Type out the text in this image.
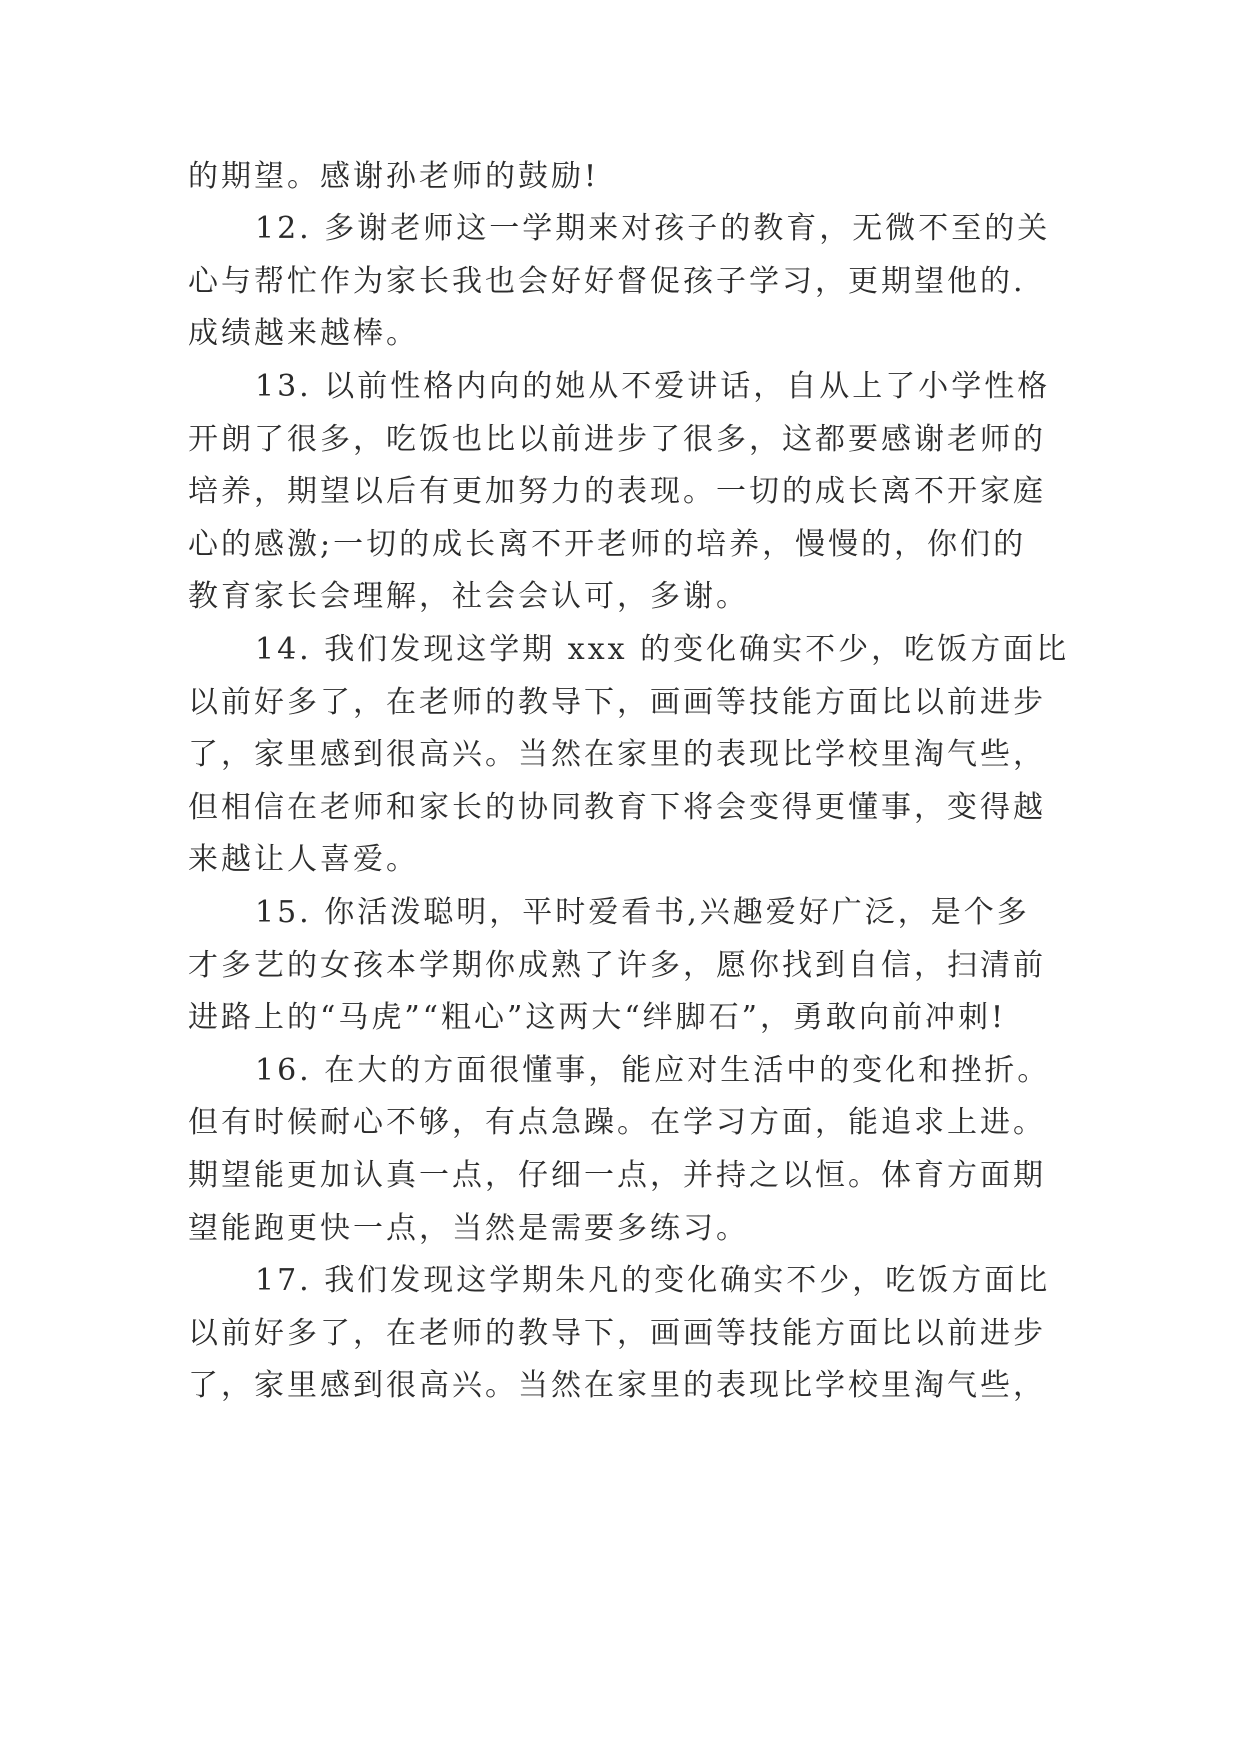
的期望。感谢孙老师的鼓励!
12. 多谢老师这一学期来对孩子的教育，无微不至的关
心与帮忙作为家长我也会好好督促孩子学习，更期望他的.
成绩越来越棒。
13. 以前性格内向的她从不爱讲话，自从上了小学性格
开朗了很多，吃饭也比以前进步了很多，这都要感谢老师的
培养，期望以后有更加努力的表现。一切的成长离不开家庭
心的感激;一切的成长离不开老师的培养，慢慢的，你们的
教育家长会理解，社会会认可，多谢。
14. 我们发现这学期 xxx 的变化确实不少，吃饭方面比
以前好多了，在老师的教导下，画画等技能方面比以前进步
了，家里感到很高兴。当然在家里的表现比学校里淘气些，
但相信在老师和家长的协同教育下将会变得更懂事，变得越
来越让人喜爱。
15. 你活泼聪明，平时爱看书,兴趣爱好广泛，是个多
才多艺的女孩本学期你成熟了许多，愿你找到自信，扫清前
进路上的“马虎”“粗心”这两大“绊脚石”，勇敢向前冲刺!
16. 在大的方面很懂事，能应对生活中的变化和挫折。
但有时候耐心不够，有点急躁。在学习方面，能追求上进。
期望能更加认真一点，仔细一点，并持之以恒。体育方面期
望能跑更快一点，当然是需要多练习。
17. 我们发现这学期朱凡的变化确实不少，吃饭方面比
以前好多了，在老师的教导下，画画等技能方面比以前进步
了，家里感到很高兴。当然在家里的表现比学校里淘气些，
